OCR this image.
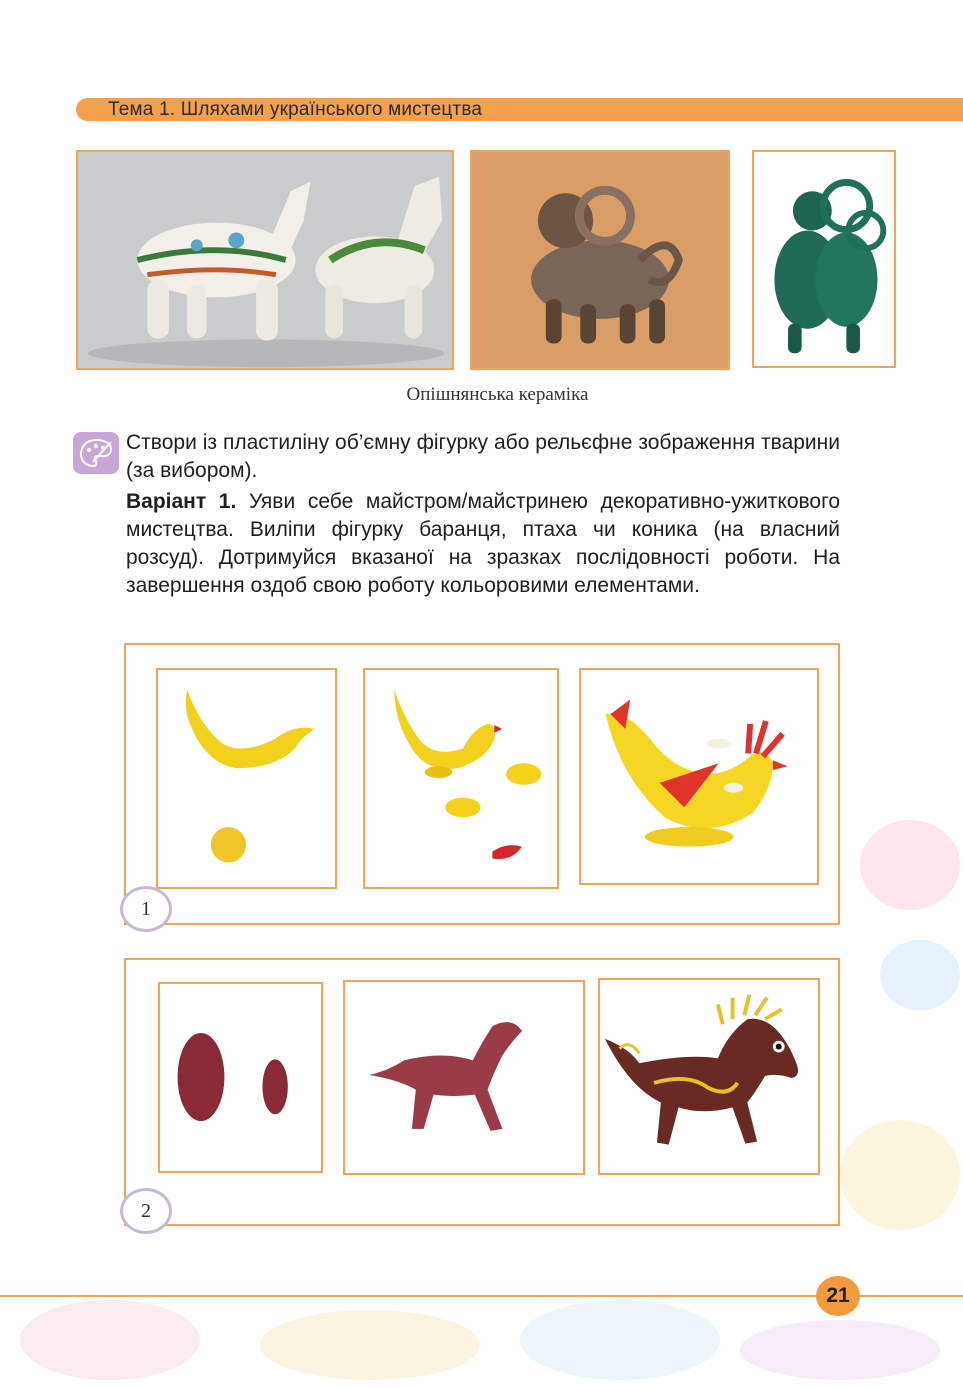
Тема 1. Шляхами українського мистецтва
Опішнянська кераміка
Створи із пластиліну об’ємну фігурку або рельєфне зображення тварини (за вибором).
Варіант 1. Уяви себе майстром/майстринею декоративно-ужиткового мистецтва. Виліпи фігурку баранця, птаха чи коника (на власний розсуд). Дотримуйся вказаної на зразках послідовності роботи. На завершення оздоб свою роботу кольоровими елементами.
1
2
21
